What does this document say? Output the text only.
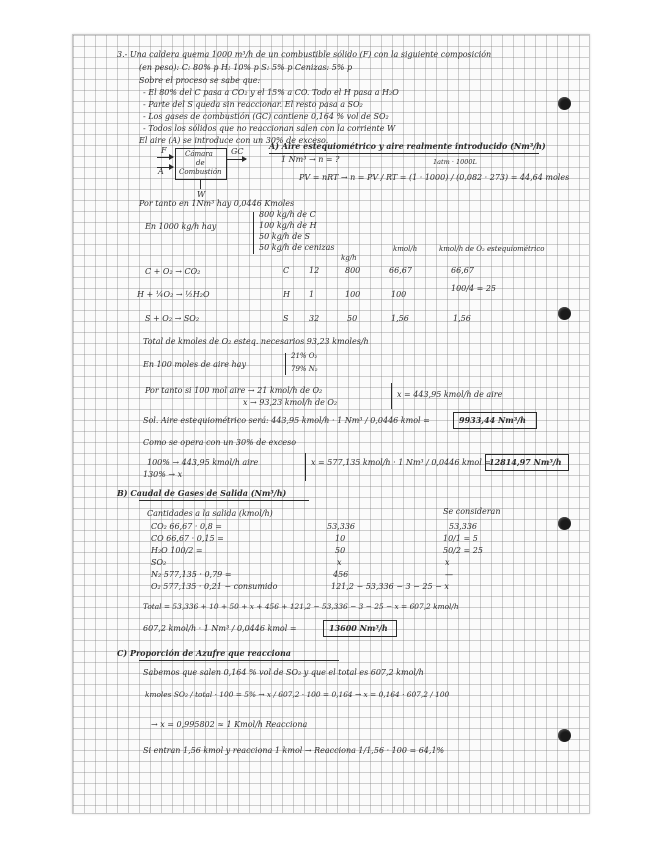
3.- Una caldera quema 1000 m³/h de un combustible sólido (F) con la siguiente composición
(en peso): C: 80% p H: 10% p S: 5% p Cenizas: 5% p
Sobre el proceso se sabe que:
- El 80% del C pasa a CO₂ y el 15% a CO. Todo el H pasa a H₂O
- Parte del S queda sin reaccionar. El resto pasa a SO₂
- Los gases de combustión (GC) contiene 0,164 % vol de SO₂
- Todos los sólidos que no reaccionan salen con la corriente W
El aire (A) se introduce con un 30% de exceso.
Cámara
de
Combustión
F
A
GC
W
A) Aire estequiométrico y aire realmente introducido (Nm³/h)
1 Nm³ → n = ?	1atm · 1000L
PV = nRT → n = PV / RT = (1 · 1000) / (0,082 · 273) = 44,64 moles
Por tanto en 1Nm³ hay 0,0446 Kmoles
En 1000 kg/h hay
800 kg/h de C
100 kg/h de H
50 kg/h de S
50 kg/h de cenizas
kg/h
kmol/h	kmol/h de O₂ estequiométrico
C + O₂ → CO₂	C 12	800	66,67	66,67
H + ¼O₂ → ½H₂O	H 1	100	100
100/4 = 25
S + O₂ → SO₂	S	32	50	1,56	1,56
Total de kmoles de O₂ esteq. necesarios 93,23 kmoles/h
En 100 moles de aire hay
21% O₂
79% N₂
Por tanto si 100 mol aire → 21 kmol/h de O₂
x → 93,23 kmol/h de O₂
x = 443,95 kmol/h de aire
Sol. Aire estequiométrico será: 443,95 kmol/h · 1 Nm³ / 0,0446 kmol =	9933,44 Nm³/h
Como se opera con un 30% de exceso
100% → 443,95 kmol/h aire
130% → x
x = 577,135 kmol/h · 1 Nm³ / 0,0446 kmol =
12814,97 Nm³/h
B) Caudal de Gases de Salida (Nm³/h)
Cantidades a la salida (kmol/h)	Se consideran
CO₂ 66,67 · 0,8 =	53,336	53,336
CO 66,67 · 0,15 =	10	10/1 = 5
H₂O 100/2 =	50	50/2 = 25
SO₂	x	x
N₂ 577,135 · 0,79 =	456	—
O₂ 577,135 · 0,21 − consumido	121,2 − 53,336 − 3 − 25 − x
Total = 53,336 + 10 + 50 + x + 456 + 121,2 − 53,336 − 3 − 25 − x = 607,2 kmol/h
607,2 kmol/h · 1 Nm³ / 0,0446 kmol =	13600 Nm³/h
C) Proporción de Azufre que reacciona
Sabemos que salen 0,164 % vol de SO₂ y que el total es 607,2 kmol/h
kmoles SO₂ / total · 100 = 5% → x / 607,2 · 100 = 0,164 → x = 0,164 · 607,2 / 100
→ x = 0,995802 ≈ 1 Kmol/h Reacciona
Si entran 1,56 kmol y reacciona 1 kmol → Reacciona 1/1,56 · 100 = 64,1%
